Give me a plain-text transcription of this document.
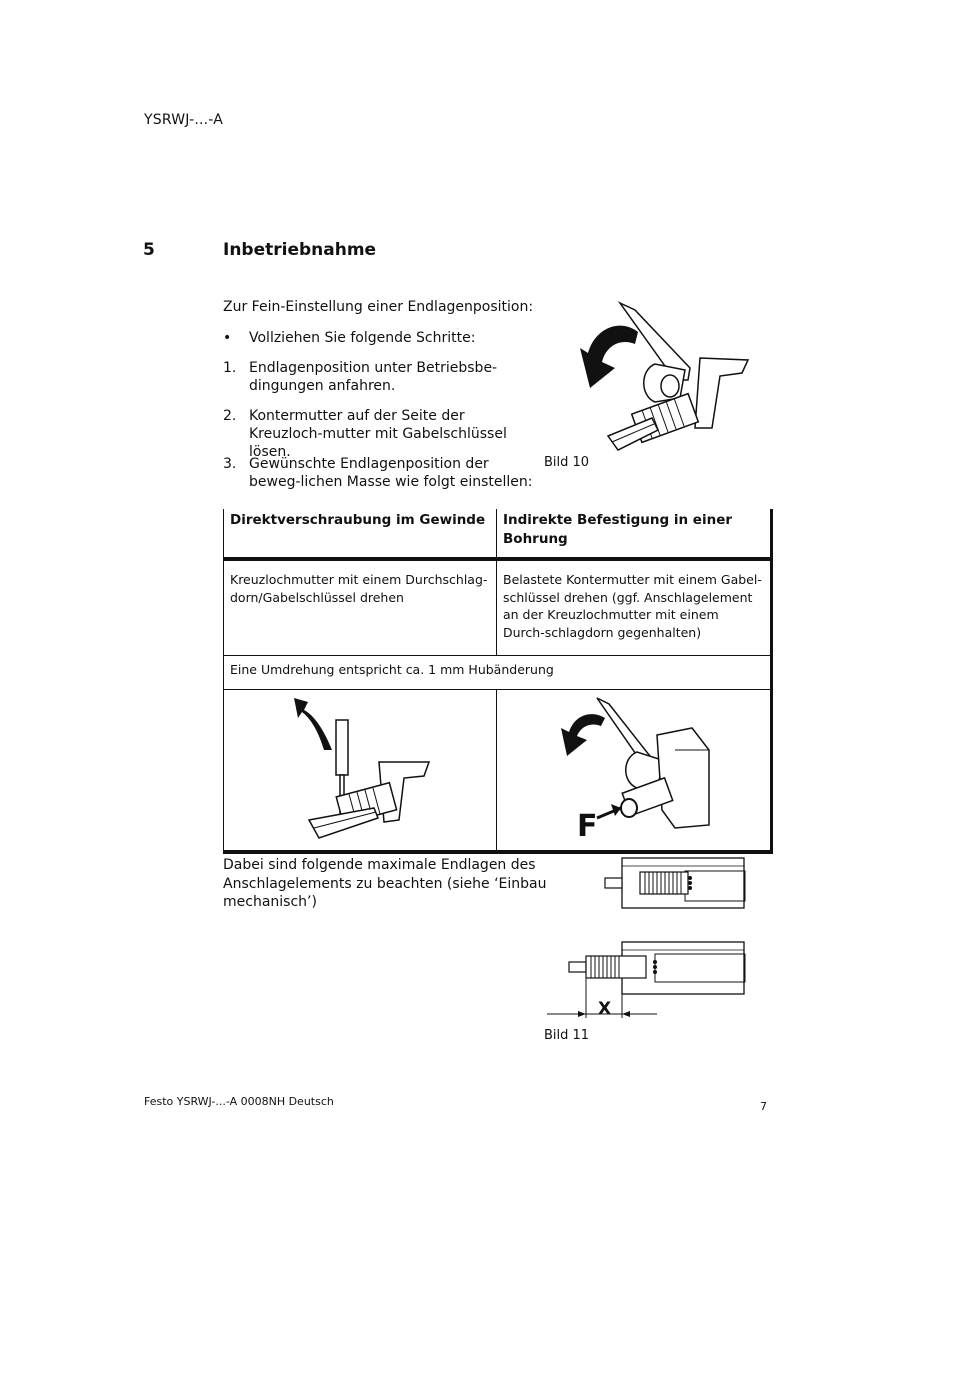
YSRWJ-...-A
5	Inbetriebnahme
Zur Fein-Einstellung einer Endlagenposition:
• Vollziehen Sie folgende Schritte:
1. Endlagenposition unter Betriebsbe-dingungen anfahren.
2. Kontermutter auf der Seite der Kreuzloch-mutter mit Gabelschlüssel lösen.
3. Gewünschte Endlagenposition der beweg-lichen Masse wie folgt einstellen:
Bild 10
Direktverschraubung im Gewinde	Indirekte Befestigung in einer Bohrung
Kreuzlochmutter mit einem Durchschlag-dorn/Gabelschlüssel drehen	Belastete Kontermutter mit einem Gabel-schlüssel drehen (ggf. Anschlagelement an der Kreuzlochmutter mit einem Durch-schlagdorn gegenhalten)
Eine Umdrehung entspricht ca. 1 mm Hubänderung	

F
Dabei sind folgende maximale Endlagen des Anschlagelements zu beachten (siehe ‘Einbau mechanisch’)
X
Bild 11
Festo YSRWJ-...-A 0008NH Deutsch	7
